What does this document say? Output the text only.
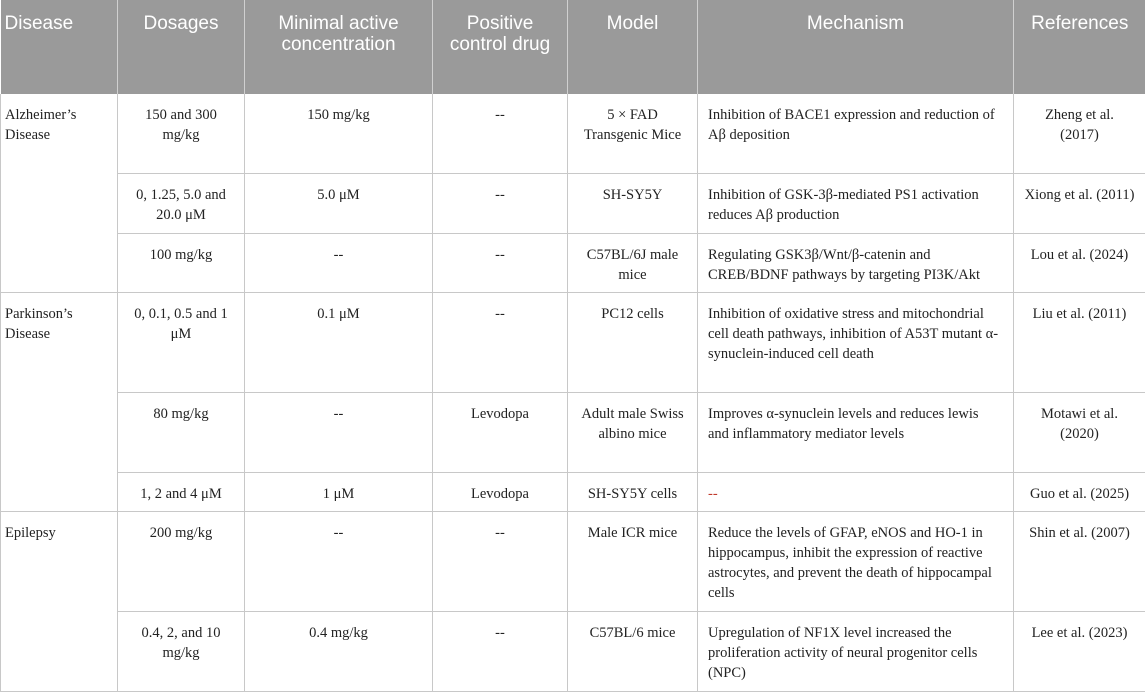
Disease	Dosages	Minimal active concentration	Positive control drug	Model	Mechanism	References
Alzheimer’s Disease	150 and 300 mg/kg	150 mg/kg	--	5 × FAD Transgenic Mice	Inhibition of BACE1 expression and reduction of Aβ deposition	Zheng et al. (2017)
	0, 1.25, 5.0 and 20.0 μM	5.0 μM	--	SH-SY5Y	Inhibition of GSK-3β-mediated PS1 activation reduces Aβ production	Xiong et al. (2011)
	100 mg/kg	--	--	C57BL/6J male mice	Regulating GSK3β/Wnt/β-catenin and CREB/BDNF pathways by targeting PI3K/Akt	Lou et al. (2024)
Parkinson’s Disease	0, 0.1, 0.5 and 1 μM	0.1 μM	--	PC12 cells	Inhibition of oxidative stress and mitochondrial cell death pathways, inhibition of A53T mutant α-synuclein-induced cell death	Liu et al. (2011)
	80 mg/kg	--	Levodopa	Adult male Swiss albino mice	Improves α-synuclein levels and reduces lewis and inflammatory mediator levels	Motawi et al. (2020)
	1, 2 and 4 μM	1 μM	Levodopa	SH-SY5Y cells	--	Guo et al. (2025)
Epilepsy	200 mg/kg	--	--	Male ICR mice	Reduce the levels of GFAP, eNOS and HO-1 in hippocampus, inhibit the expression of reactive astrocytes, and prevent the death of hippocampal cells	Shin et al. (2007)
	0.4, 2, and 10 mg/kg	0.4 mg/kg	--	C57BL/6 mice	Upregulation of NF1X level increased the proliferation activity of neural progenitor cells (NPC)	Lee et al. (2023)
